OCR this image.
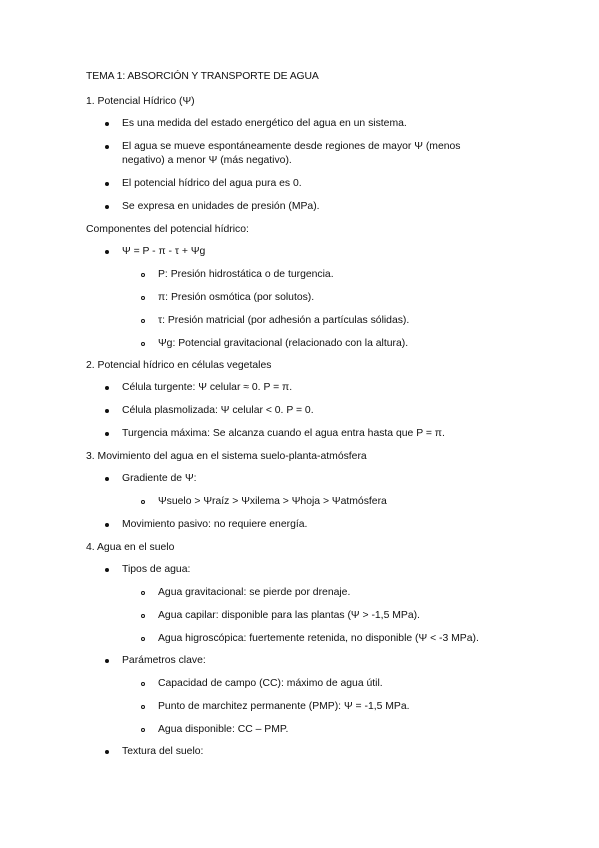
TEMA 1: ABSORCIÓN Y TRANSPORTE DE AGUA
1. Potencial Hídrico (Ψ)
Es una medida del estado energético del agua en un sistema.
El agua se mueve espontáneamente desde regiones de mayor Ψ (menos negativo) a menor Ψ (más negativo).
El potencial hídrico del agua pura es 0.
Se expresa en unidades de presión (MPa).
Componentes del potencial hídrico:
Ψ = P - π - τ + Ψg
P: Presión hidrostática o de turgencia.
π: Presión osmótica (por solutos).
τ: Presión matricial (por adhesión a partículas sólidas).
Ψg: Potencial gravitacional (relacionado con la altura).
2. Potencial hídrico en células vegetales
Célula turgente: Ψ celular ≈ 0. P = π.
Célula plasmolizada: Ψ celular < 0. P = 0.
Turgencia máxima: Se alcanza cuando el agua entra hasta que P = π.
3. Movimiento del agua en el sistema suelo-planta-atmósfera
Gradiente de Ψ:
Ψsuelo > Ψraíz > Ψxilema > Ψhoja > Ψatmósfera
Movimiento pasivo: no requiere energía.
4. Agua en el suelo
Tipos de agua:
Agua gravitacional: se pierde por drenaje.
Agua capilar: disponible para las plantas (Ψ > -1,5 MPa).
Agua higroscópica: fuertemente retenida, no disponible (Ψ < -3 MPa).
Parámetros clave:
Capacidad de campo (CC): máximo de agua útil.
Punto de marchitez permanente (PMP): Ψ = -1,5 MPa.
Agua disponible: CC – PMP.
Textura del suelo:
